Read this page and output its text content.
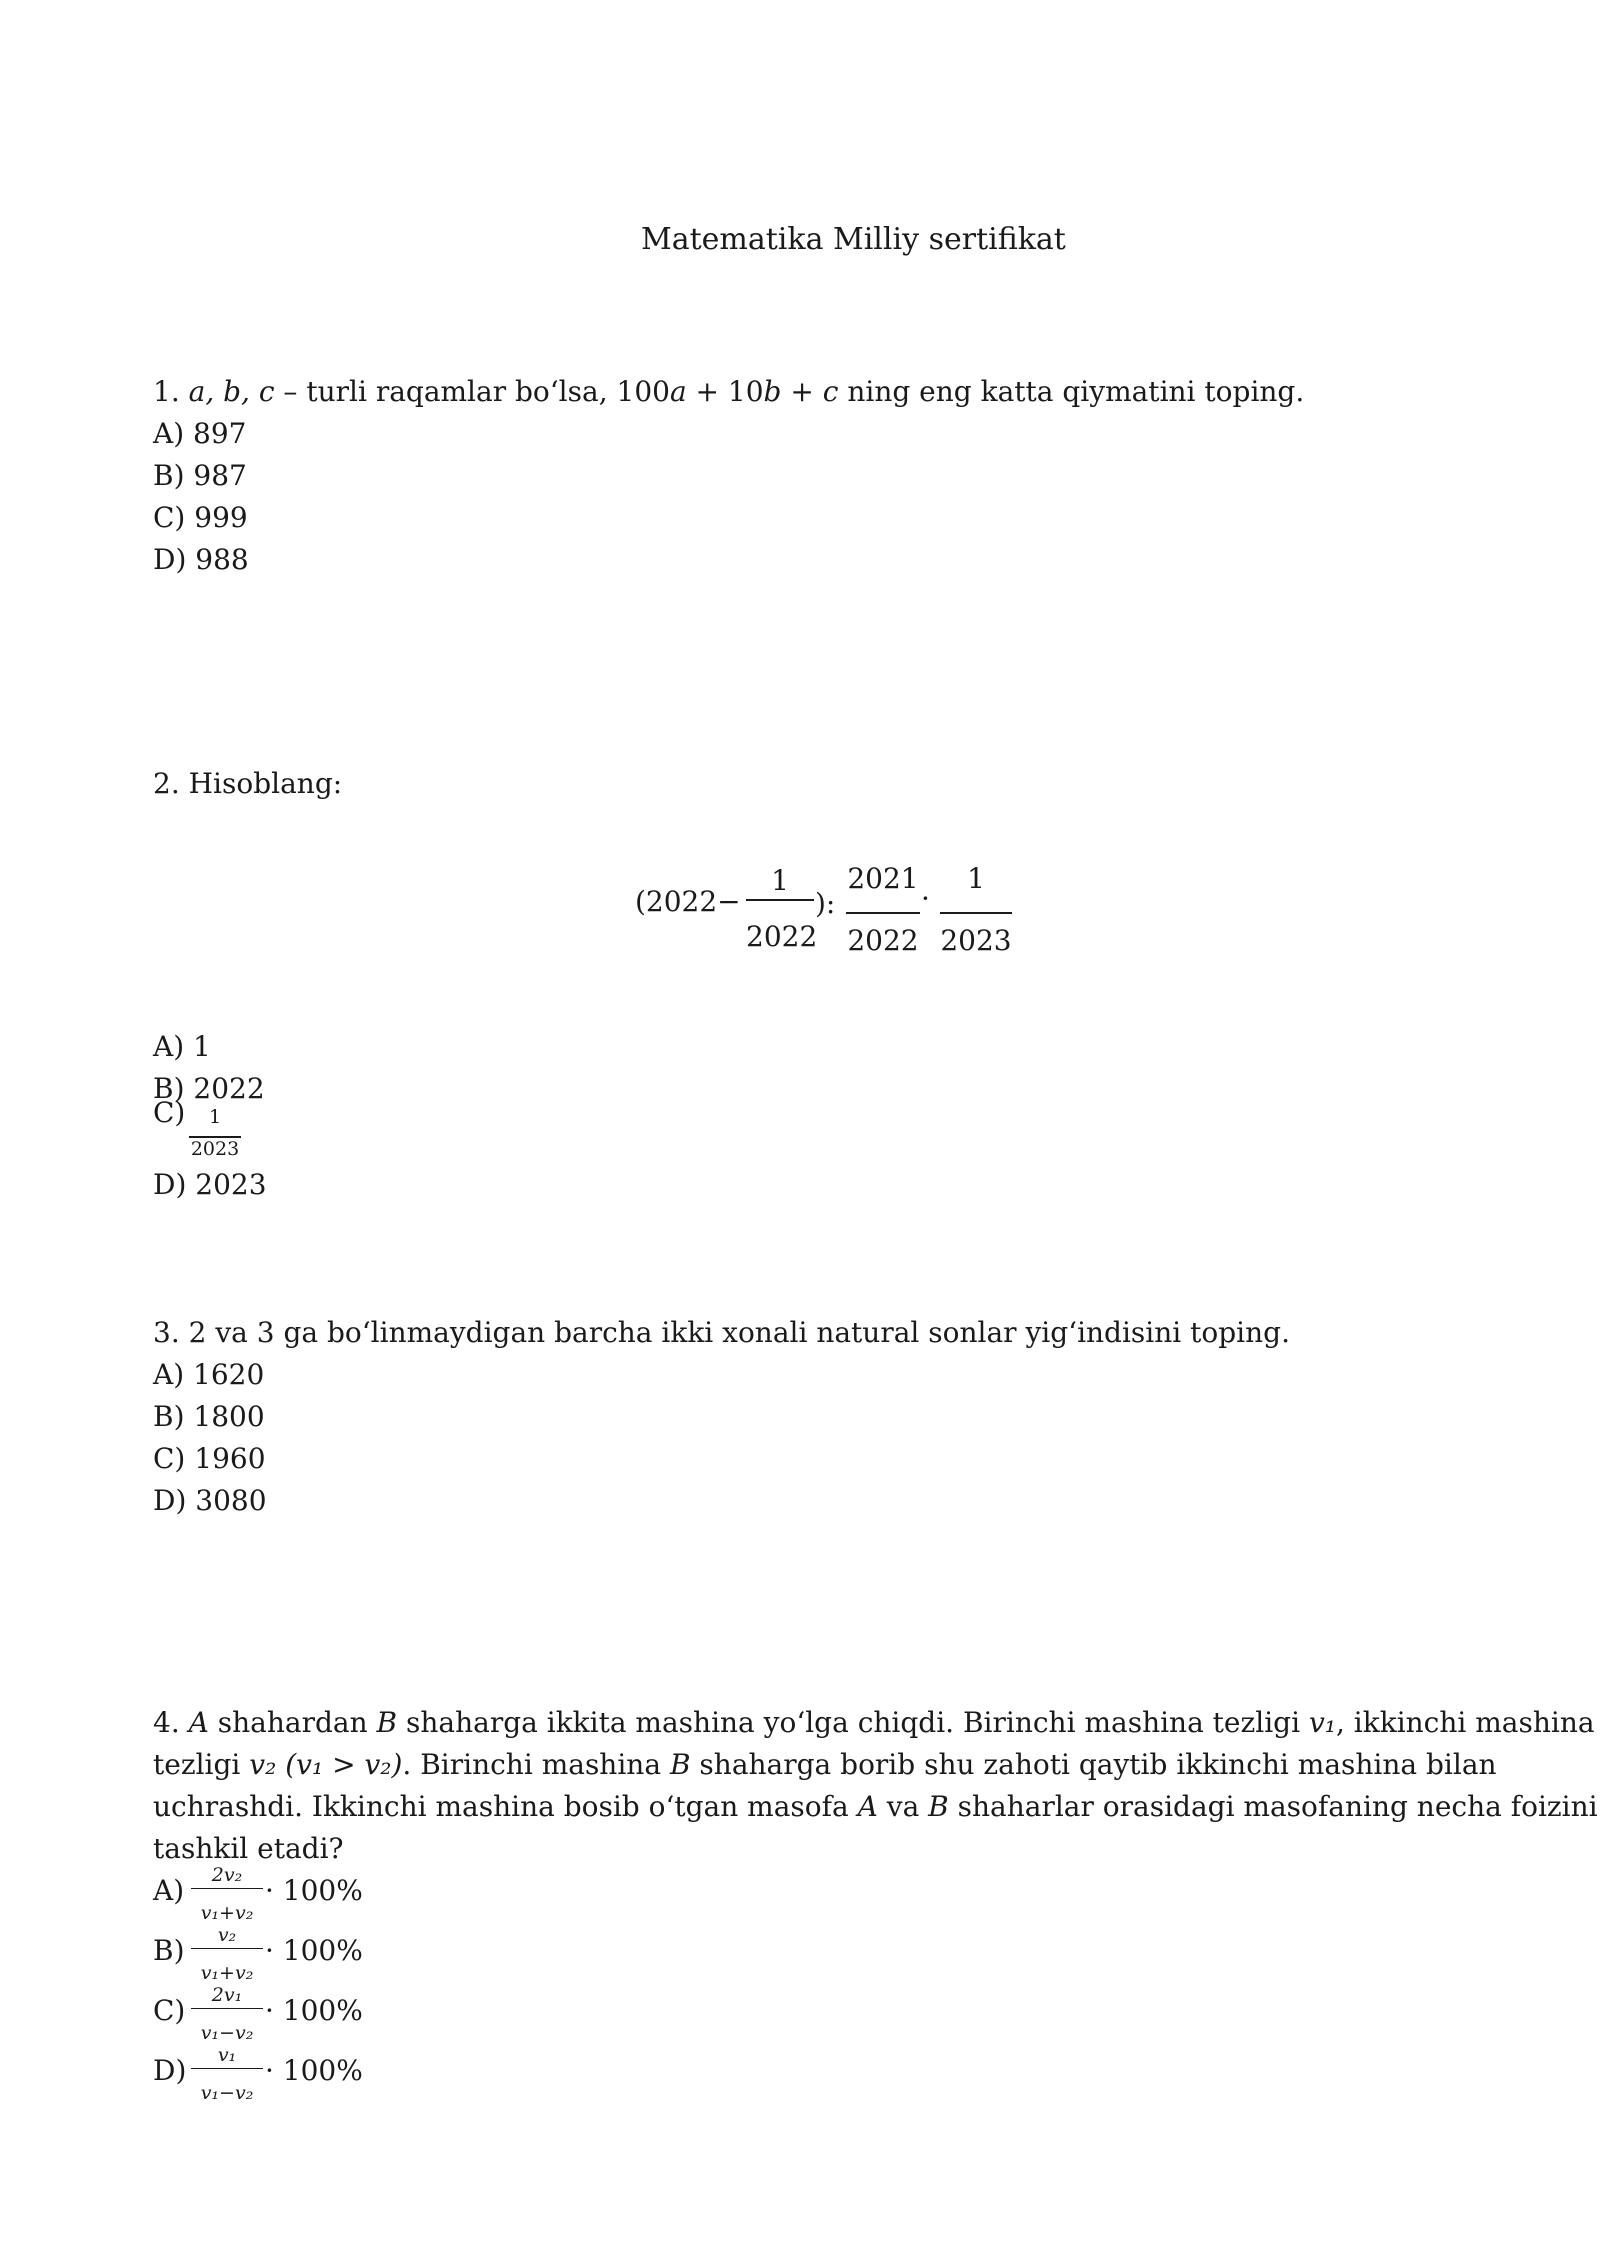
Matematika Milliy sertifikat
1. a, b, c – turli raqamlar bo‘lsa, 100a + 10b + c ning eng katta qiymatini toping.
A) 897
B) 987
C) 999
D) 988
2. Hisoblang:
(2022−
1
2022
):
2021
2022
·
1
2023
A) 1
B) 2022
C)	1
2023
D) 2023
3. 2 va 3 ga bo‘linmaydigan barcha ikki xonali natural sonlar yig‘indisini toping.
A) 1620
B) 1800
C) 1960
D) 3080
4. A shahardan B shaharga ikkita mashina yo‘lga chiqdi. Birinchi mashina tezligi v₁, ikkinchi mashina
tezligi v₂ (v₁ > v₂). Birinchi mashina B shaharga borib shu zahoti qaytib ikkinchi mashina bilan
uchrashdi. Ikkinchi mashina bosib o‘tgan masofa A va B shaharlar orasidagi masofaning necha foizini
tashkil etadi?
A)	2v₂
v₁+v₂
· 100%
B)	v₂
v₁+v₂
· 100%
C)	2v₁
v₁−v₂
· 100%
D)	v₁
v₁−v₂
· 100%
